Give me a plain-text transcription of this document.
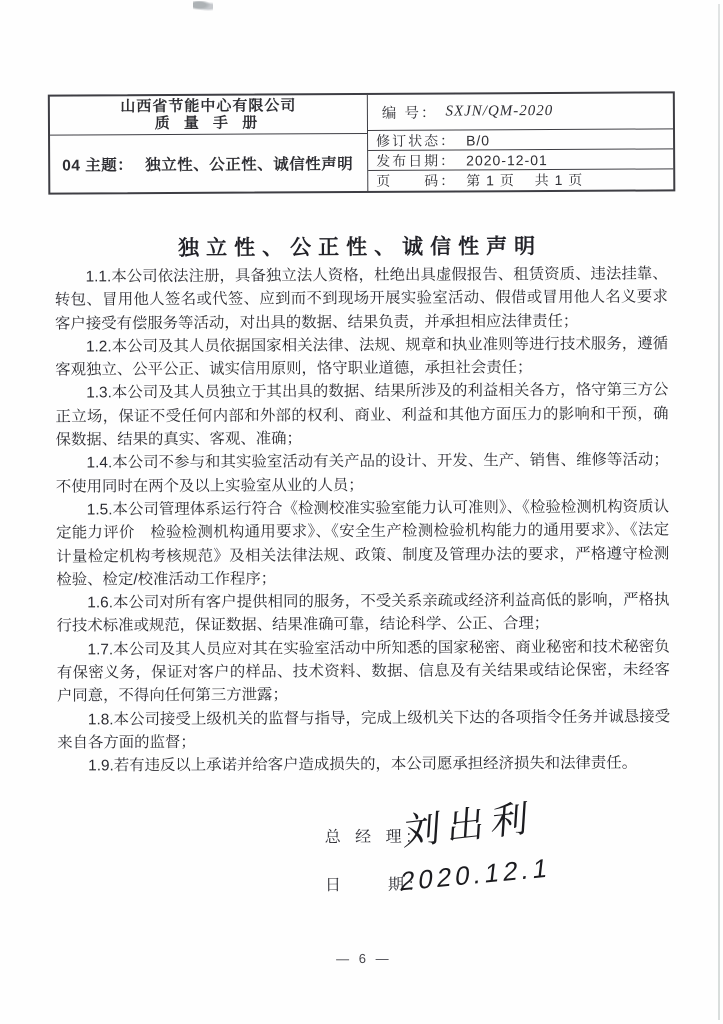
山西省节能中心有限公司
质 量 手 册
04 主题： 独立性、公正性、诚信性声明
编 号： SXJN/QM-2020
修订状态： B/0
发布日期： 2020-12-01
页　　码： 第 1 页　 共 1 页
独立性、公正性、诚信性声明

1.1.本公司依法注册，具备独立法人资格，杜绝出具虚假报告、租赁资质、违法挂靠、转包、冒用他人签名或代签、应到而不到现场开展实验室活动、假借或冒用他人名义要求客户接受有偿服务等活动，对出具的数据、结果负责，并承担相应法律责任；

1.2.本公司及其人员依据国家相关法律、法规、规章和执业准则等进行技术服务，遵循客观独立、公平公正、诚实信用原则，恪守职业道德，承担社会责任；

1.3.本公司及其人员独立于其出具的数据、结果所涉及的利益相关各方，恪守第三方公正立场，保证不受任何内部和外部的权利、商业、利益和其他方面压力的影响和干预，确保数据、结果的真实、客观、准确；

1.4.本公司不参与和其实验室活动有关产品的设计、开发、生产、销售、维修等活动；不使用同时在两个及以上实验室从业的人员；

1.5.本公司管理体系运行符合《检测校准实验室能力认可准则》、《检验检测机构资质认定能力评价　检验检测机构通用要求》、《安全生产检测检验机构能力的通用要求》、《法定计量检定机构考核规范》及相关法律法规、政策、制度及管理办法的要求，严格遵守检测检验、检定/校准活动工作程序；

1.6.本公司对所有客户提供相同的服务，不受关系亲疏或经济利益高低的影响，严格执行技术标准或规范，保证数据、结果准确可靠，结论科学、公正、合理；

1.7.本公司及其人员应对其在实验室活动中所知悉的国家秘密、商业秘密和技术秘密负有保密义务，保证对客户的样品、技术资料、数据、信息及有关结果或结论保密，未经客户同意，不得向任何第三方泄露；

1.8.本公司接受上级机关的监督与指导，完成上级机关下达的各项指令任务并诚恳接受来自各方面的监督；

1.9.若有违反以上承诺并给客户造成损失的，本公司愿承担经济损失和法律责任。

总 经 理:
刘出利
日　　期:
2020.12.1
— 6 —
